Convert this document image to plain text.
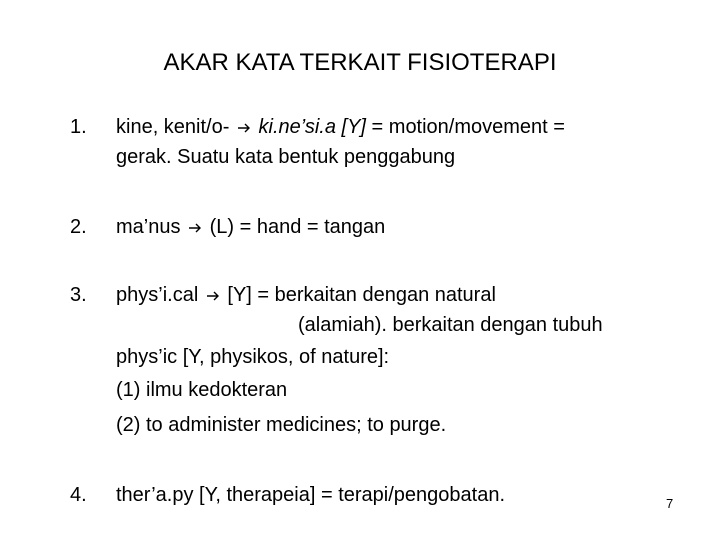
AKAR KATA TERKAIT FISIOTERAPI
1. kine, kenit/o- ki.ne’si.a [Y] = motion/movement =
gerak. Suatu kata bentuk penggabung
2. ma’nus
(L) = hand = tangan
3. phys’i.cal
[Y] = berkaitan dengan natural
(alamiah). berkaitan dengan tubuh
phys’ic [Y, physikos, of nature]:
(1) ilmu kedokteran
(2) to administer medicines; to purge.
4. ther’a.py [Y, therapeia] = terapi/pengobatan.	7
